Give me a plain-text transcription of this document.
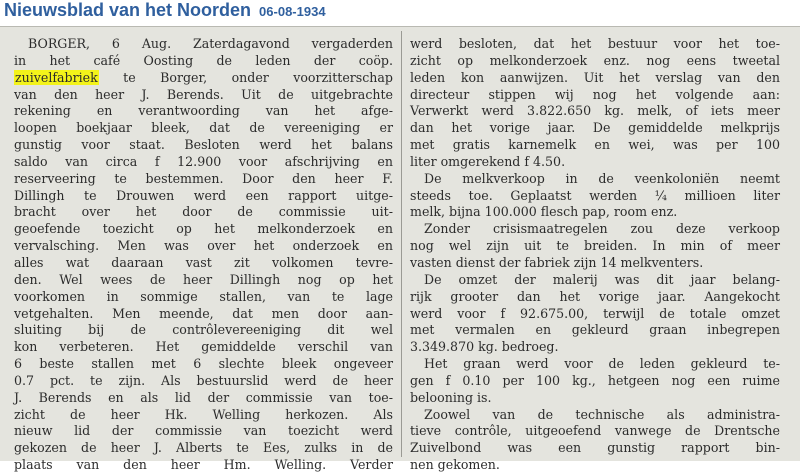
Nieuwsblad van het Noorden 06-08-1934
BORGER, 6 Aug. Zaterdagavond vergaderden
in het café Oosting de leden der coöp.
zuivelfabriek te Borger, onder voorzitterschap
van den heer J. Berends. Uit de uitgebrachte
rekening en verantwoording van het afge-
loopen boekjaar bleek, dat de vereeniging er
gunstig voor staat. Besloten werd het balans
saldo van circa f 12.900 voor afschrijving en
reserveering te bestemmen. Door den heer F.
Dillingh te Drouwen werd een rapport uitge-
bracht over het door de commissie uit-
geoefende toezicht op het melkonderzoek en
vervalsching. Men was over het onderzoek en
alles wat daaraan vast zit volkomen tevre-
den. Wel wees de heer Dillingh nog op het
voorkomen in sommige stallen, van te lage
vetgehalten. Men meende, dat men door aan-
sluiting bij de contrôlevereeniging dit wel
kon verbeteren. Het gemiddelde verschil van
6 beste stallen met 6 slechte bleek ongeveer
0.7 pct. te zijn. Als bestuurslid werd de heer
J. Berends en als lid der commissie van toe-
zicht de heer Hk. Welling herkozen. Als
nieuw lid der commissie van toezicht werd
gekozen de heer J. Alberts te Ees, zulks in de
plaats van den heer Hm. Welling. Verder
werd besloten, dat het bestuur voor het toe-
zicht op melkonderzoek enz. nog eens tweetal
leden kon aanwijzen. Uit het verslag van den
directeur stippen wij nog het volgende aan:
Verwerkt werd 3.822.650 kg. melk, of iets meer
dan het vorige jaar. De gemiddelde melkprijs
met gratis karnemelk en wei, was per 100
liter omgerekend f 4.50.
De melkverkoop in de veenkoloniën neemt
steeds toe. Geplaatst werden ¼ millioen liter
melk, bijna 100.000 flesch pap, room enz.
Zonder crisismaatregelen zou deze verkoop
nog wel zijn uit te breiden. In min of meer
vasten dienst der fabriek zijn 14 melkventers.
De omzet der malerij was dit jaar belang-
rijk grooter dan het vorige jaar. Aangekocht
werd voor f 92.675.00, terwijl de totale omzet
met vermalen en gekleurd graan inbegrepen
3.349.870 kg. bedroeg.
Het graan werd voor de leden gekleurd te-
gen f 0.10 per 100 kg., hetgeen nog een ruime
belooning is.
Zoowel van de technische als administra-
tieve contrôle, uitgeoefend vanwege de Drentsche
Zuivelbond was een gunstig rapport bin-
nen gekomen.
